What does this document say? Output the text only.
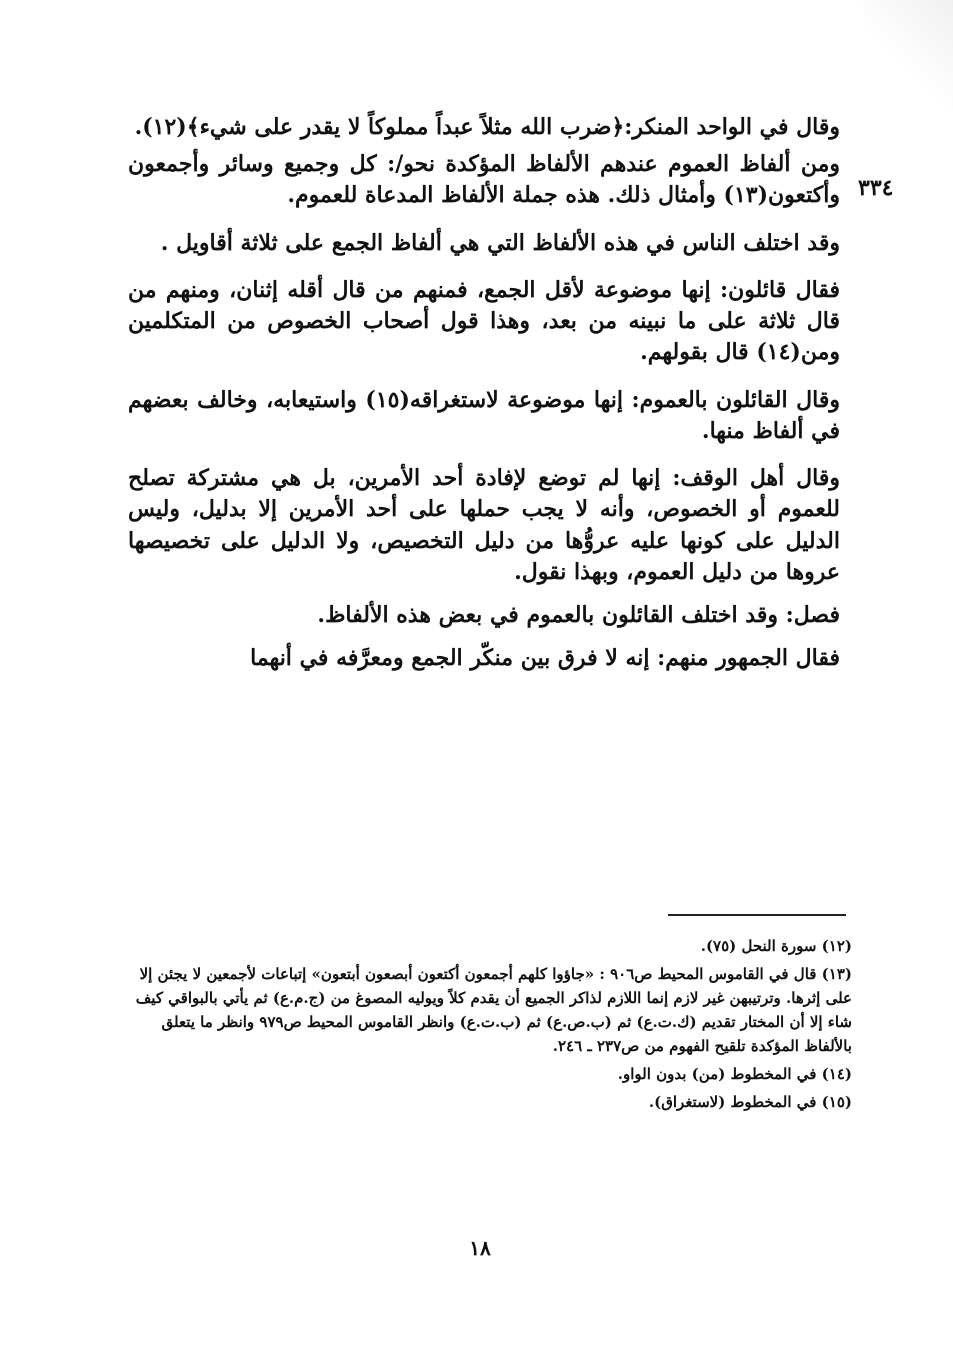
٣٣٤

وقال في الواحد المنكر:﴿ضرب الله مثلاً عبداً مملوكاً لا يقدر على شيء﴾(١٢).

ومن ألفاظ العموم عندهم الألفاظ المؤكدة نحو/: كل وجميع وسائر وأجمعون وأكتعون(١٣) وأمثال ذلك. هذه جملة الألفاظ المدعاة للعموم.

وقد اختلف الناس في هذه الألفاظ التي هي ألفاظ الجمع على ثلاثة أقاويل .

فقال قائلون: إنها موضوعة لأقل الجمع، فمنهم من قال أقله إثنان، ومنهم من قال ثلاثة على ما نبينه من بعد، وهذا قول أصحاب الخصوص من المتكلمين ومن(١٤) قال بقولهم.

وقال القائلون بالعموم: إنها موضوعة لاستغراقه(١٥) واستيعابه، وخالف بعضهم في ألفاظ منها.

وقال أهل الوقف: إنها لم توضع لإفادة أحد الأمرين، بل هي مشتركة تصلح للعموم أو الخصوص، وأنه لا يجب حملها على أحد الأمرين إلا بدليل، وليس الدليل على كونها عليه عروُّها من دليل التخصيص، ولا الدليل على تخصيصها عروها من دليل العموم، وبهذا نقول.

فصل: وقد اختلف القائلون بالعموم في بعض هذه الألفاظ.

فقال الجمهور منهم: إنه لا فرق بين منكّر الجمع ومعرَّفه في أنهما

(١٢) سورة النحل (٧٥).

(١٣) قال في القاموس المحيط ص٩٠٦ : «جاؤوا كلهم أجمعون أكتعون أبصعون أبتعون» إتباعات لأجمعين لا يجئن إلا على إثرها. وترتيبهن غير لازم إنما اللازم لذاكر الجميع أن يقدم كلاً ويوليه المصوغ من (ج.م.ع) ثم يأتي بالبواقي كيف شاء إلا أن المختار تقديم (ك.ت.ع) ثم (ب.ص.ع) ثم (ب.ت.ع) وانظر القاموس المحيط ص٩٧٩ وانظر ما يتعلق بالألفاظ المؤكدة تلقيح الفهوم من ص٢٣٧ ـ ٢٤٦.

(١٤) في المخطوط (من) بدون الواو.

(١٥) في المخطوط (لاستغراق).

١٨
